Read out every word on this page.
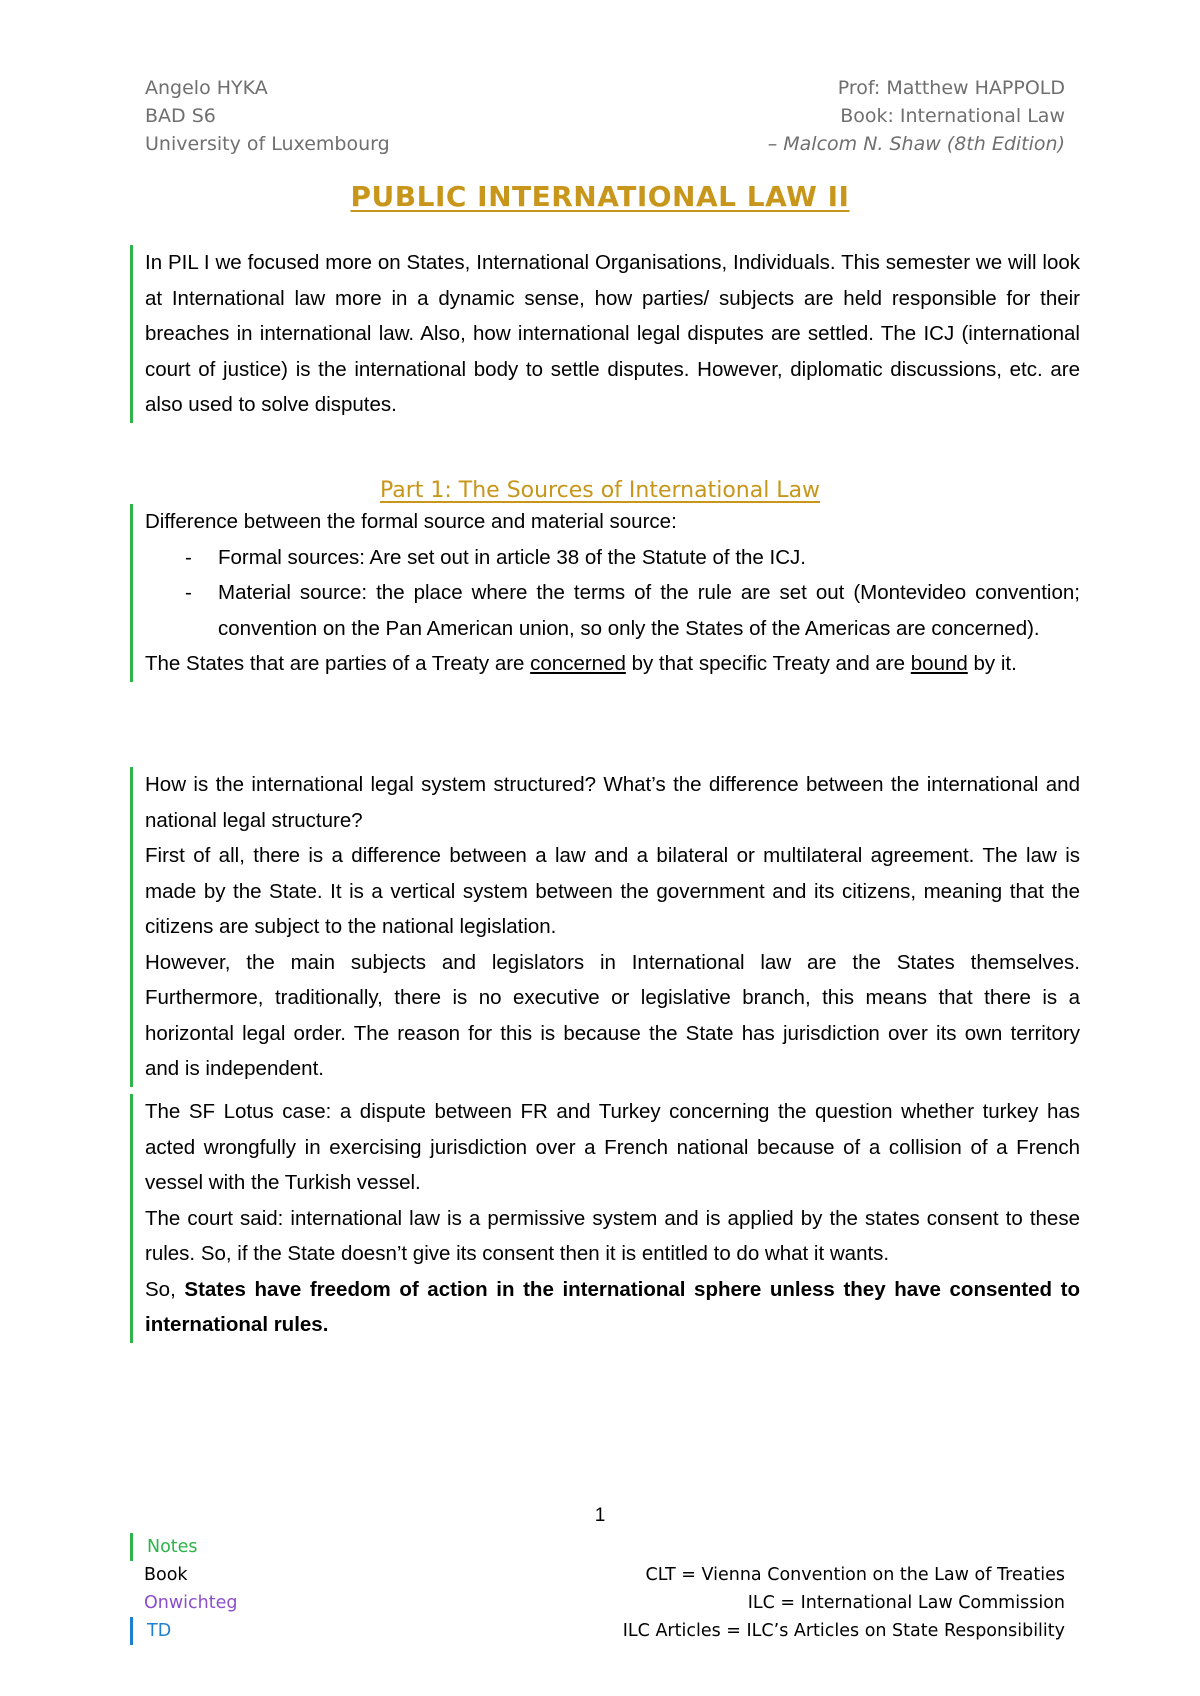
Angelo HYKA
BAD S6
University of Luxembourg
Prof: Matthew HAPPOLD
Book: International Law
– Malcom N. Shaw (8th Edition)
PUBLIC INTERNATIONAL LAW II

In PIL I we focused more on States, International Organisations, Individuals. This semester we will look at International law more in a dynamic sense, how parties/ subjects are held responsible for their breaches in international law. Also, how international legal disputes are settled. The ICJ (international court of justice) is the international body to settle disputes. However, diplomatic discussions, etc. are also used to solve disputes.

Part 1: The Sources of International Law

Difference between the formal source and material source:

- Formal sources: Are set out in article 38 of the Statute of the ICJ.
- Material source: the place where the terms of the rule are set out (Montevideo convention; convention on the Pan American union, so only the States of the Americas are concerned).

The States that are parties of a Treaty are concerned by that specific Treaty and are bound by it.

How is the international legal system structured? What’s the difference between the international and national legal structure?

First of all, there is a difference between a law and a bilateral or multilateral agreement. The law is made by the State. It is a vertical system between the government and its citizens, meaning that the citizens are subject to the national legislation.

However, the main subjects and legislators in International law are the States themselves. Furthermore, traditionally, there is no executive or legislative branch, this means that there is a horizontal legal order. The reason for this is because the State has jurisdiction over its own territory and is independent.

The SF Lotus case: a dispute between FR and Turkey concerning the question whether turkey has acted wrongfully in exercising jurisdiction over a French national because of a collision of a French vessel with the Turkish vessel.

The court said: international law is a permissive system and is applied by the states consent to these rules. So, if the State doesn’t give its consent then it is entitled to do what it wants.

So, States have freedom of action in the international sphere unless they have consented to international rules.

1
Notes
Book
Onwichteg
TD
CLT = Vienna Convention on the Law of Treaties
ILC = International Law Commission
ILC Articles = ILC’s Articles on State Responsibility
